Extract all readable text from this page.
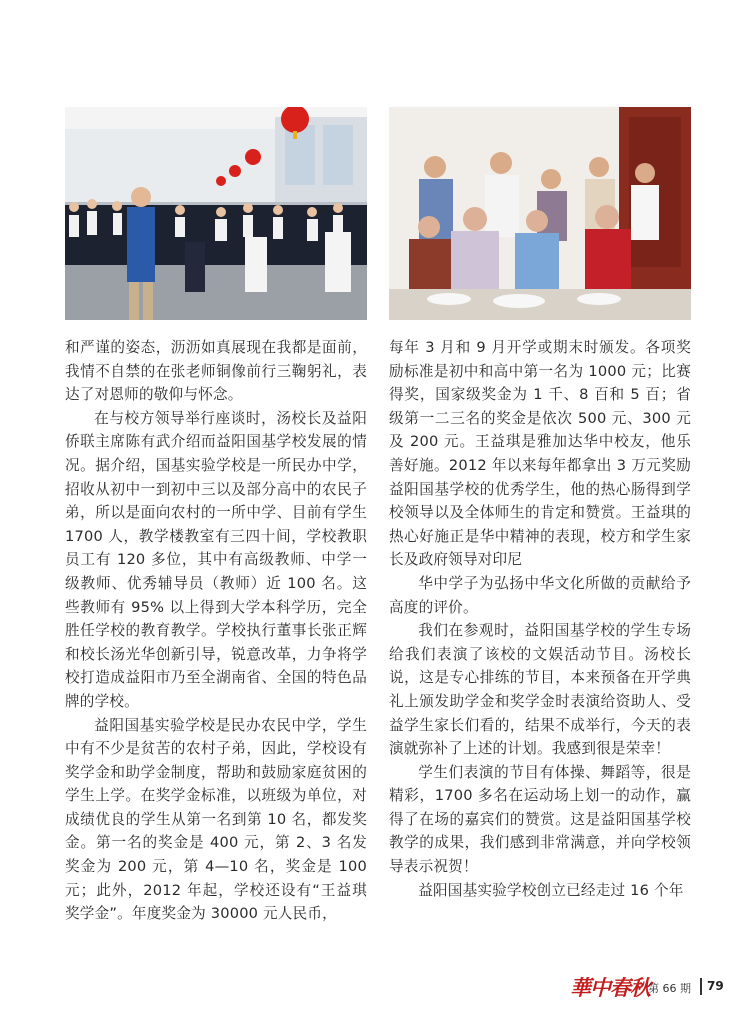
和严谨的姿态，沥沥如真展现在我都是面前，我情不自禁的在张老师铜像前行三鞠躬礼，表达了对恩师的敬仰与怀念。

在与校方领导举行座谈时，汤校长及益阳侨联主席陈有武介绍而益阳国基学校发展的情况。据介绍，国基实验学校是一所民办中学，招收从初中一到初中三以及部分高中的农民子弟，所以是面向农村的一所中学、目前有学生 1700 人，教学楼教室有三四十间，学校教职员工有 120 多位，其中有高级教师、中学一级教师、优秀辅导员（教师）近 100 名。这些教师有 95% 以上得到大学本科学历，完全胜任学校的教育教学。学校执行董事长张正辉和校长汤光华创新引导，锐意改革，力争将学校打造成益阳市乃至全湖南省、全国的特色品牌的学校。

益阳国基实验学校是民办农民中学，学生中有不少是贫苦的农村子弟，因此，学校设有奖学金和助学金制度，帮助和鼓励家庭贫困的学生上学。在奖学金标准，以班级为单位，对成绩优良的学生从第一名到第 10 名，都发奖金。第一名的奖金是 400 元，第 2、3 名发奖金为 200 元，第 4—10 名，奖金是 100 元；此外，2012 年起，学校还设有“王益琪奖学金”。年度奖金为 30000 元人民币，

每年 3 月和 9 月开学或期末时颁发。各项奖励标准是初中和高中第一名为 1000 元；比赛得奖，国家级奖金为 1 千、8 百和 5 百；省级第一二三名的奖金是依次 500 元、300 元及 200 元。王益琪是雅加达华中校友，他乐善好施。2012 年以来每年都拿出 3 万元奖励益阳国基学校的优秀学生，他的热心肠得到学校领导以及全体师生的肯定和赞赏。王益琪的热心好施正是华中精神的表现，校方和学生家长及政府领导对印尼

华中学子为弘扬中华文化所做的贡献给予高度的评价。

我们在参观时，益阳国基学校的学生专场给我们表演了该校的文娱活动节目。汤校长说，这是专心排练的节目，本来预备在开学典礼上颁发助学金和奖学金时表演给资助人、受益学生家长们看的，结果不成举行，今天的表演就弥补了上述的计划。我感到很是荣幸！

学生们表演的节目有体操、舞蹈等，很是精彩，1700 多名在运动场上划一的动作，赢得了在场的嘉宾们的赞赏。这是益阳国基学校教学的成果，我们感到非常满意，并向学校领导表示祝贺！

益阳国基实验学校创立已经走过 16 个年

華中春秋
第 66 期 79
